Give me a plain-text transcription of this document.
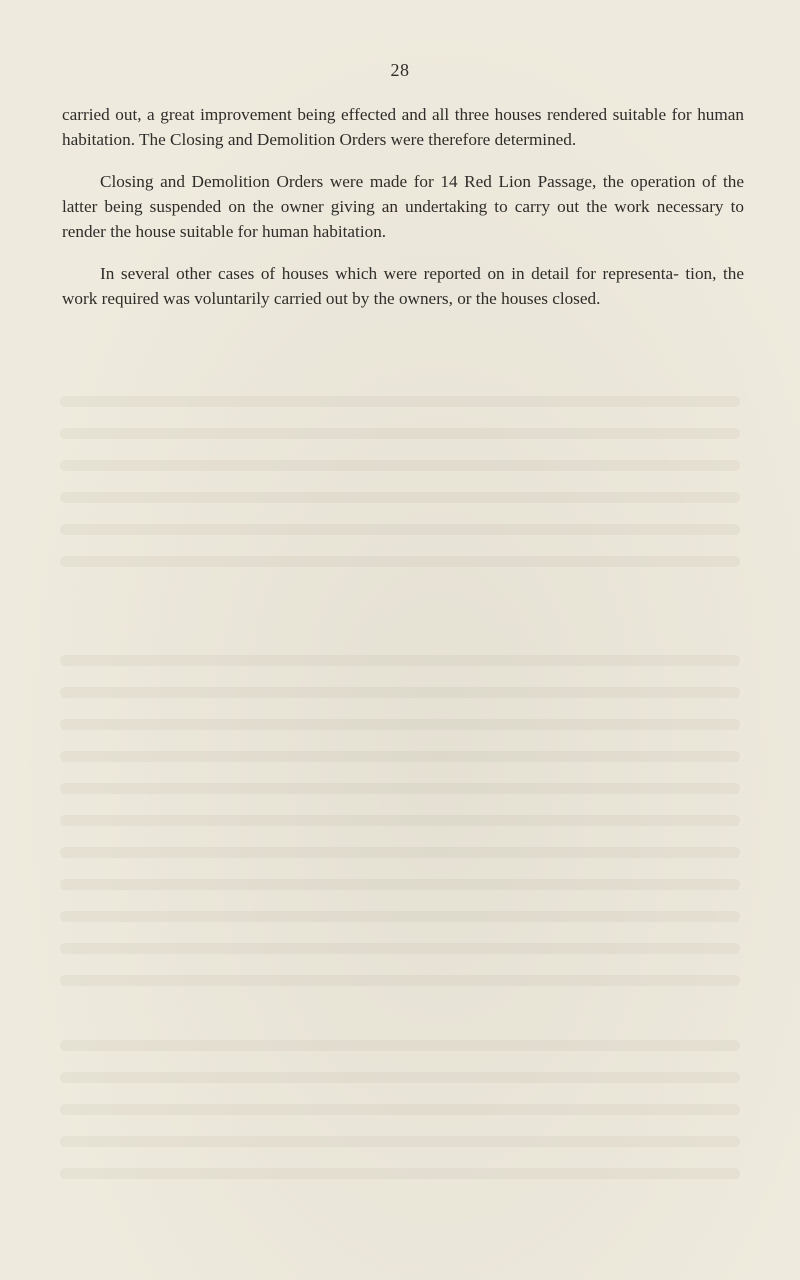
28

carried out, a great improvement being effected and all three houses rendered suitable for human habitation. The Closing and Demolition Orders were therefore determined.

Closing and Demolition Orders were made for 14 Red Lion Passage, the operation of the latter being suspended on the owner giving an undertaking to carry out the work necessary to render the house suitable for human habitation.

In several other cases of houses which were reported on in detail for representa- tion, the work required was voluntarily carried out by the owners, or the houses closed.
